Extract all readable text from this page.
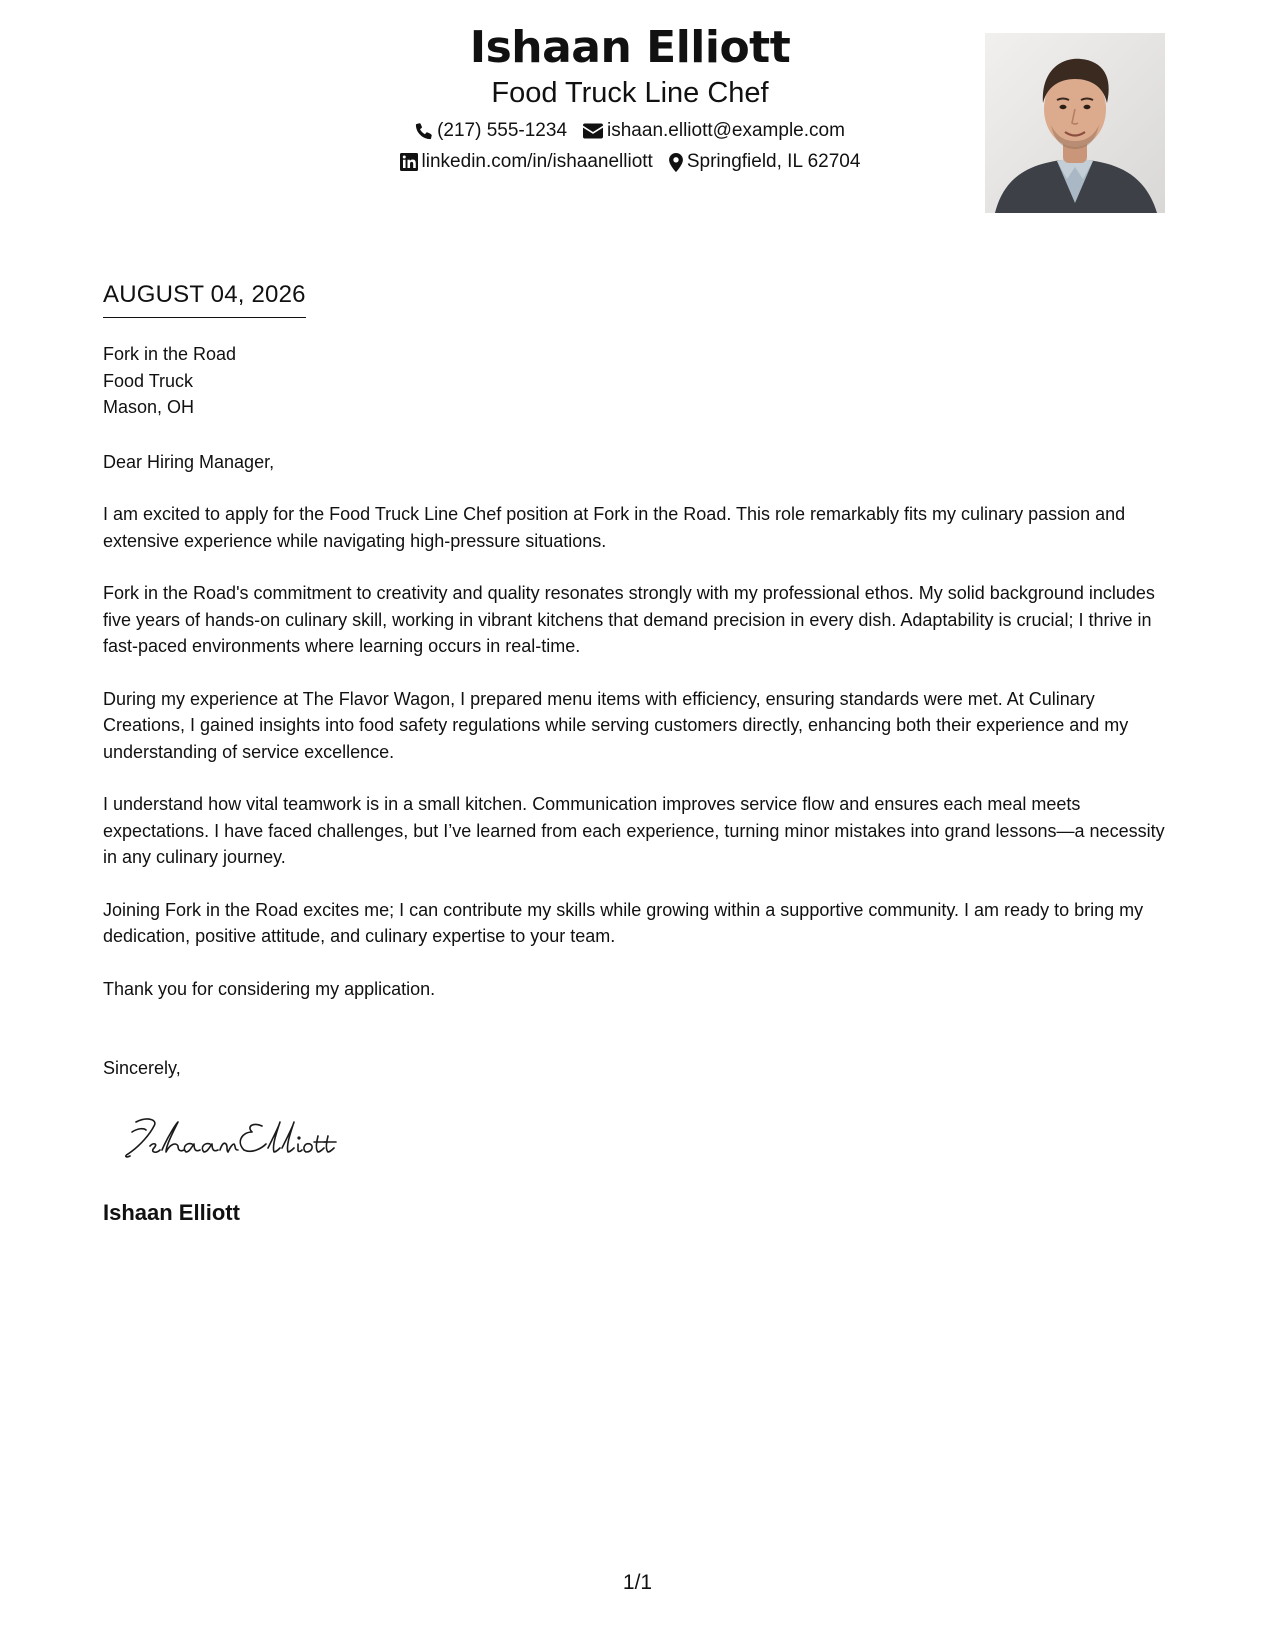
Ishaan Elliott
Food Truck Line Chef
(217) 555-1234 ishaan.elliott@example.com
linkedin.com/in/ishaanelliott Springfield, IL 62704
AUGUST 04, 2026

Fork in the Road

Food Truck

Mason, OH

Dear Hiring Manager,

I am excited to apply for the Food Truck Line Chef position at Fork in the Road. This role remarkably fits my culinary passion and extensive experience while navigating high-pressure situations.

Fork in the Road's commitment to creativity and quality resonates strongly with my professional ethos. My solid background includes five years of hands-on culinary skill, working in vibrant kitchens that demand precision in every dish. Adaptability is crucial; I thrive in fast-paced environments where learning occurs in real-time.

During my experience at The Flavor Wagon, I prepared menu items with efficiency, ensuring standards were met. At Culinary Creations, I gained insights into food safety regulations while serving customers directly, enhancing both their experience and my understanding of service excellence.

I understand how vital teamwork is in a small kitchen. Communication improves service flow and ensures each meal meets expectations. I have faced challenges, but I’ve learned from each experience, turning minor mistakes into grand lessons—a necessity in any culinary journey.

Joining Fork in the Road excites me; I can contribute my skills while growing within a supportive community. I am ready to bring my dedication, positive attitude, and culinary expertise to your team.

Thank you for considering my application.

Sincerely,
Ishaan Elliott
1/1
